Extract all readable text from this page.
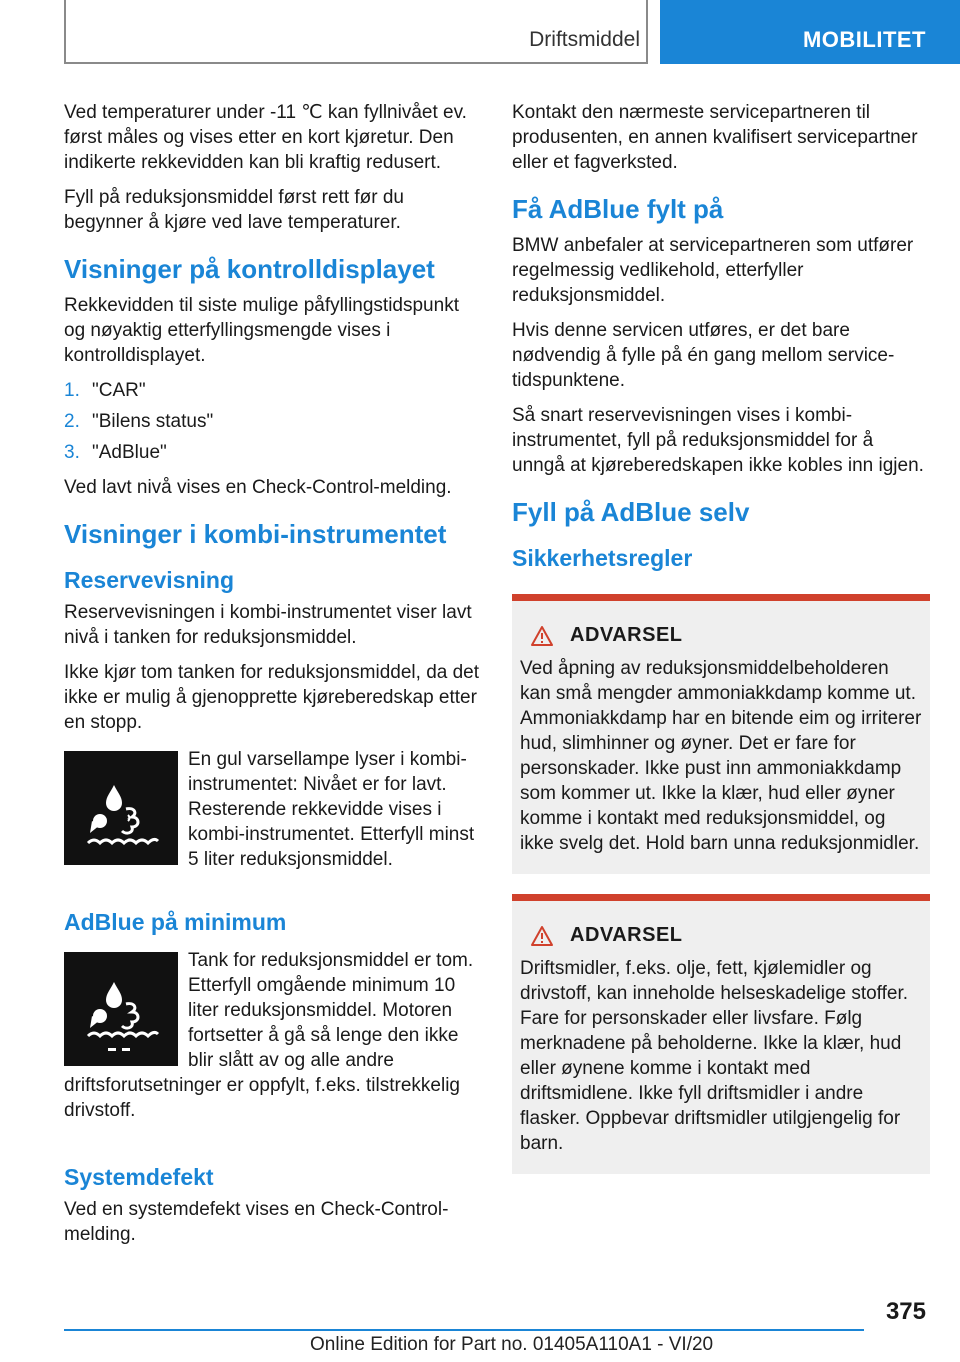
Driftsmiddel	MOBILITET

Ved temperaturer under -11 ℃ kan fyllnivået ev. først måles og vises etter en kort kjøretur. Den indikerte rekkevidden kan bli kraftig redusert.

Fyll på reduksjonsmiddel først rett før du begynner å kjøre ved lave temperaturer.

Visninger på kontrolldisplayet

Rekkevidden til siste mulige påfyllingstidspunkt og nøyaktig etterfyllingsmengde vises i kontrolldisplayet.

1. "CAR"
2. "Bilens status"
3. "AdBlue"

Ved lavt nivå vises en Check-Control-melding.

Visninger i kombi-instrumentet
Reservevisning

Reservevisningen i kombi-instrumentet viser lavt nivå i tanken for reduksjonsmiddel.

Ikke kjør tom tanken for reduksjonsmiddel, da det ikke er mulig å gjenopprette kjøreberedskap etter en stopp.

En gul varsellampe lyser i kombi-instrumentet: Nivået er for lavt. Resterende rekkevidde vises i kombi-instrumentet. Etterfyll minst 5 liter reduksjonsmiddel.
AdBlue på minimum
Tank for reduksjonsmiddel er tom. Etterfyll omgående minimum 10 liter reduksjonsmiddel. Motoren fortsetter å gå så lenge den ikke blir slått av og alle andre driftsforutsetninger er oppfylt, f.eks. tilstrekkelig drivstoff.
Systemdefekt

Ved en systemdefekt vises en Check-Control-melding.

Kontakt den nærmeste servicepartneren til produsenten, en annen kvalifisert servicepartner eller et fagverksted.

Få AdBlue fylt på

BMW anbefaler at servicepartneren som utfører regelmessig vedlikehold, etterfyller reduksjonsmiddel.

Hvis denne servicen utføres, er det bare nødvendig å fylle på én gang mellom service-tidspunktene.

Så snart reservevisningen vises i kombi-instrumentet, fyll på reduksjonsmiddel for å unngå at kjøreberedskapen ikke kobles inn igjen.

Fyll på AdBlue selv
Sikkerhetsregler
ADVARSEL
Ved åpning av reduksjonsmiddelbeholderen kan små mengder ammoniakkdamp komme ut. Ammoniakkdamp har en bitende eim og irriterer hud, slimhinner og øyner. Det er fare for personskader. Ikke pust inn ammoniakkdamp som kommer ut. Ikke la klær, hud eller øyner komme i kontakt med reduksjonsmiddel, og ikke svelg det. Hold barn unna reduksjonmidler.
ADVARSEL
Driftsmidler, f.eks. olje, fett, kjølemidler og drivstoff, kan inneholde helseskadelige stoffer. Fare for personskader eller livsfare. Følg merknadene på beholderne. Ikke la klær, hud eller øynene komme i kontakt med driftsmidlene. Ikke fyll driftsmidler i andre flasker. Oppbevar driftsmidler utilgjengelig for barn.
375
Online Edition for Part no. 01405A110A1 - VI/20
